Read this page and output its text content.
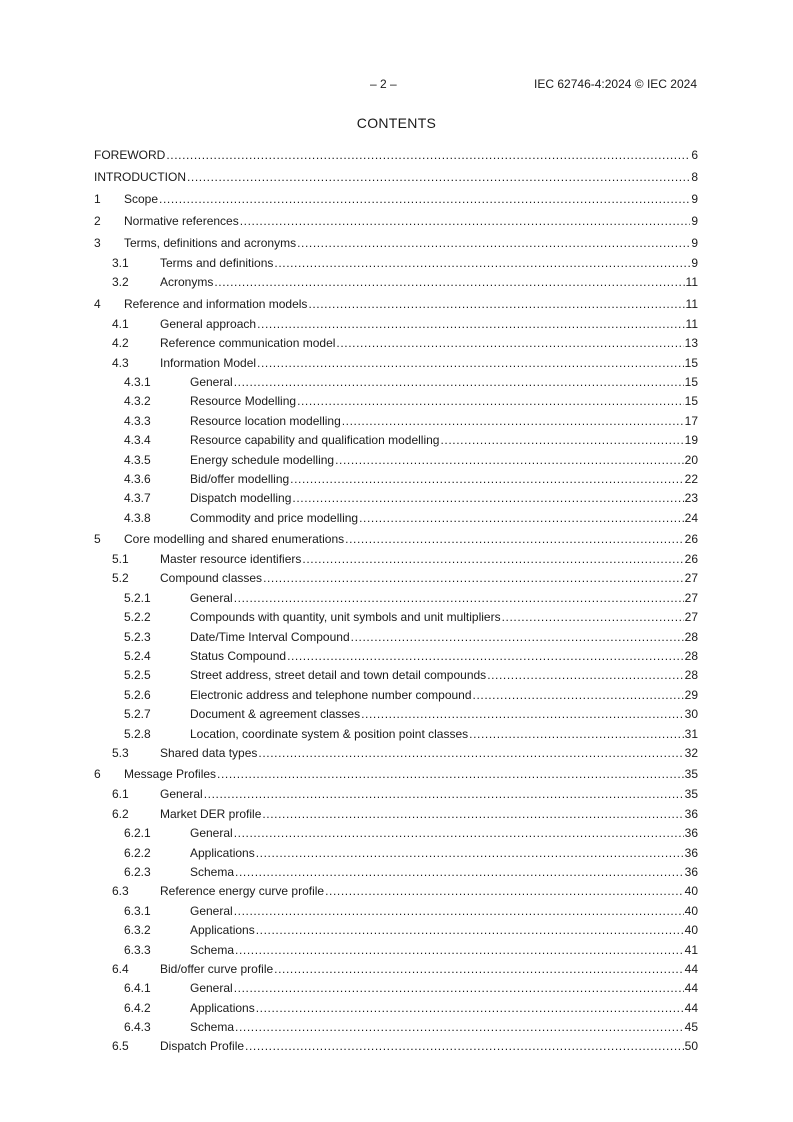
– 2 –	IEC 62746-4:2024 © IEC 2024
CONTENTS
FOREWORD .....	6
INTRODUCTION .....	8
1	Scope .....	9
2	Normative references .....	9
3	Terms, definitions and acronyms .....	9
3.1	Terms and definitions .....	9
3.2	Acronyms .....	11
4	Reference and information models .....	11
4.1	General approach .....	11
4.2	Reference communication model .....	13
4.3	Information Model .....	15
4.3.1	General .....	15
4.3.2	Resource Modelling .....	15
4.3.3	Resource location modelling .....	17
4.3.4	Resource capability and qualification modelling .....	19
4.3.5	Energy schedule modelling .....	20
4.3.6	Bid/offer modelling .....	22
4.3.7	Dispatch modelling .....	23
4.3.8	Commodity and price modelling .....	24
5	Core modelling and shared enumerations .....	26
5.1	Master resource identifiers .....	26
5.2	Compound classes .....	27
5.2.1	General .....	27
5.2.2	Compounds with quantity, unit symbols and unit multipliers .....	27
5.2.3	Date/Time Interval Compound .....	28
5.2.4	Status Compound .....	28
5.2.5	Street address, street detail and town detail compounds .....	28
5.2.6	Electronic address and telephone number compound .....	29
5.2.7	Document & agreement classes .....	30
5.2.8	Location, coordinate system & position point classes .....	31
5.3	Shared data types .....	32
6	Message Profiles .....	35
6.1	General .....	35
6.2	Market DER profile .....	36
6.2.1	General .....	36
6.2.2	Applications .....	36
6.2.3	Schema .....	36
6.3	Reference energy curve profile .....	40
6.3.1	General .....	40
6.3.2	Applications .....	40
6.3.3	Schema .....	41
6.4	Bid/offer curve profile .....	44
6.4.1	General .....	44
6.4.2	Applications .....	44
6.4.3	Schema .....	45
6.5	Dispatch Profile .....	50
